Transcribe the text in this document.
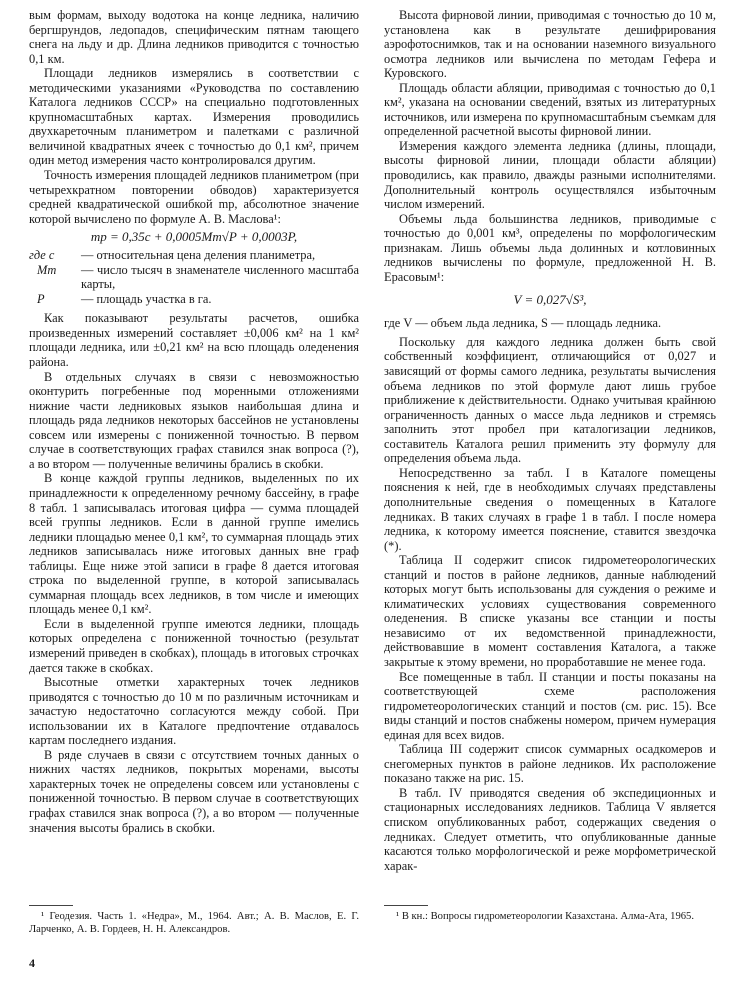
вым формам, выходу водотока на конце ледника, наличию бергшрундов, ледопадов, специфическим пятнам тающего снега на льду и др. Длина ледников приводится с точностью 0,1 км.

Площади ледников измерялись в соответствии с методическими указаниями «Руководства по составлению Каталога ледников СССР» на специально подготовленных крупномасштабных картах. Измерения проводились двухкареточным планиметром и палетками с различной величиной квадратных ячеек с точностью до 0,1 км², причем один метод измерения часто контролировался другим.

Точность измерения площадей ледников планиметром (при четырехкратном повторении обводов) характеризуется средней квадратической ошибкой mp, абсолютное значение которой вычислено по формуле А. В. Маслова¹:

mp = 0,35c + 0,0005Mт√P + 0,0003P,
где c	— относительная цена деления планиметра,
Mт	— число тысяч в знаменателе численного масштаба карты,
P	— площадь участка в га.

Как показывают результаты расчетов, ошибка произведенных измерений составляет ±0,006 км² на 1 км² площади ледника, или ±0,21 км² на всю площадь оледенения района.

В отдельных случаях в связи с невозможностью оконтурить погребенные под моренными отложениями нижние части ледниковых языков наибольшая длина и площадь ряда ледников некоторых бассейнов не установлены совсем или измерены с пониженной точностью. В первом случае в соответствующих графах ставился знак вопроса (?), а во втором — полученные величины брались в скобки.

В конце каждой группы ледников, выделенных по их принадлежности к определенному речному бассейну, в графе 8 табл. 1 записывалась итоговая цифра — сумма площадей всей группы ледников. Если в данной группе имелись ледники площадью менее 0,1 км², то суммарная площадь этих ледников записывалась ниже итоговых данных вне граф таблицы. Еще ниже этой записи в графе 8 дается итоговая строка по выделенной группе, в которой записывалась суммарная площадь всех ледников, в том числе и имеющих площадь менее 0,1 км².

Если в выделенной группе имеются ледники, площадь которых определена с пониженной точностью (результат измерений приведен в скобках), площадь в итоговых строчках дается также в скобках.

Высотные отметки характерных точек ледников приводятся с точностью до 10 м по различным источникам и зачастую недостаточно согласуются между собой. При использовании их в Каталоге предпочтение отдавалось картам последнего издания.

В ряде случаев в связи с отсутствием точных данных о нижних частях ледников, покрытых моренами, высоты характерных точек не определены совсем или установлены с пониженной точностью. В первом случае в соответствующих графах ставился знак вопроса (?), а во втором — полученные значения высоты брались в скобки.

Высота фирновой линии, приводимая с точностью до 10 м, установлена как в результате дешифрирования аэрофотоснимков, так и на основании наземного визуального осмотра ледников или вычислена по методам Гефера и Куровского.

Площадь области абляции, приводимая с точностью до 0,1 км², указана на основании сведений, взятых из литературных источников, или измерена по крупномасштабным съемкам для определенной расчетной высоты фирновой линии.

Измерения каждого элемента ледника (длины, площади, высоты фирновой линии, площади области абляции) проводились, как правило, дважды разными исполнителями. Дополнительный контроль осуществлялся избыточным числом измерений.

Объемы льда большинства ледников, приводимые с точностью до 0,001 км³, определены по морфологическим признакам. Лишь объемы льда долинных и котловинных ледников вычислены по формуле, предложенной Н. В. Ерасовым¹:

V = 0,027√S³,

где V — объем льда ледника, S — площадь ледника.

Поскольку для каждого ледника должен быть свой собственный коэффициент, отличающийся от 0,027 и зависящий от формы самого ледника, результаты вычисления объема ледников по этой формуле дают лишь грубое приближение к действительности. Однако учитывая крайнюю ограниченность данных о массе льда ледников и стремясь заполнить этот пробел при каталогизации ледников, составитель Каталога решил применить эту формулу для определения объема льда.

Непосредственно за табл. I в Каталоге помещены пояснения к ней, где в необходимых случаях представлены дополнительные сведения о помещенных в Каталоге ледниках. В таких случаях в графе 1 в табл. I после номера ледника, к которому имеется пояснение, ставится звездочка (*).

Таблица II содержит список гидрометеорологических станций и постов в районе ледников, данные наблюдений которых могут быть использованы для суждения о режиме и климатических условиях существования современного оледенения. В списке указаны все станции и посты независимо от их ведомственной принадлежности, действовавшие в момент составления Каталога, а также закрытые к этому времени, но проработавшие не менее года.

Все помещенные в табл. II станции и посты показаны на соответствующей схеме расположения гидрометеорологических станций и постов (см. рис. 15). Все виды станций и постов снабжены номером, причем нумерация единая для всех видов.

Таблица III содержит список суммарных осадкомеров и снегомерных пунктов в районе ледников. Их расположение показано также на рис. 15.

В табл. IV приводятся сведения об экспедиционных и стационарных исследованиях ледников. Таблица V является списком опубликованных работ, содержащих сведения о ледниках. Следует отметить, что опубликованные данные касаются только морфологической и реже морфометрической харак-

¹ Геодезия. Часть 1. «Недра», М., 1964. Авт.; А. В. Маслов, Е. Г. Ларченко, А. В. Гордеев, Н. Н. Александров.
¹ В кн.: Вопросы гидрометеорологии Казахстана. Алма-Ата, 1965.
4
